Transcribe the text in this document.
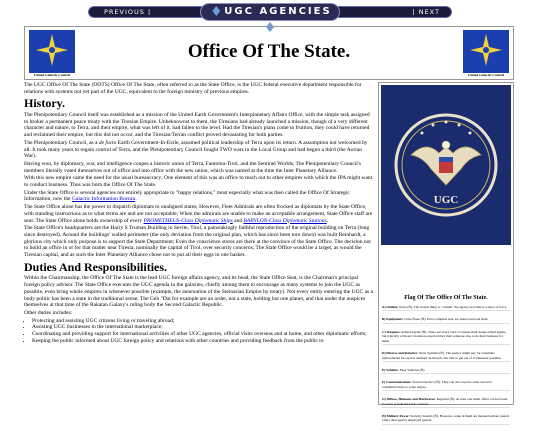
PREVIOUS |	UGC AGENCIES	| NEXT
United Galactic Council
Office Of The State.
United Galactic Council

The UGC Office Of The State (OOTS) Office Of The State, often referred to as the State Office, is the UGC federal executive department responsible for relations with systems not yet part of the UGC, equivalent to the foreign ministry of previous empires.

History.

The Plenipotentiary Council itself was established as a mission of the United Earth Government's Interplanetary Affairs Office, with the simple task assigned to broker a permanent peace treaty with the Tiresian Empire. Unbeknownst to them, the Tiresians had already launched a mission, though of a very different character and nature, to Terra, and their empire, what was left of it, had fallen to the level. Had the Tiresian's plans come to fruition, they could have returned and reclaimed their empire, but this did not occur, and the Tiresian/Terran conflict proved devastating for both parties.

The Plenipotentiary Council, as a de facto Earth Government-In-Exile, assumed political leadership of Terra upon its return. A assumption not welcomed by all. It took many years to regain control of Terra, and the Plenipotentiary Council fought TWO wars in the Local Group and had begun a third (the Aorian War).

Having won, by diplomacy, war, and intelligence coupes a historic union of Terra, Fantoma-Tirol, and the Sentinel Worlds, The Plenipotentiary Council's members literally voted themselves out of office and into office with the new union, which was named at the time the Inter Planetary Alliance.

With this new empire came the need for the usual bureaucracy; One element of this was an office to reach out to other empires with which the IPA might want to conduct business. Thus was born the Office Of The State.

Under the State Office is several agencies not entirely appropriate to "happy relations," most especially what was then called the Office Of Strategic Information, now the Galactic Information Bureau.

The State Office alone has the power to dispatch diplomats to unaligned states; However, Fleet Admirals are often frocked as diplomats by the State Office, with standing instructions as to what terms are and are not acceptable; When the admirals are unable to make an acceptable arrangement, State Office staff are sent. The State Office alone holds ownership of every PROMETHEUS-Class Diplomatic Ships and BABYLON-Class Diplomatic Stations.

The State Office's headquarters are the Harry S Truman Building in Sevite, Tirol, a painstakingly faithful reproduction of the original building on Terra (long since destroyed). Around the buildings' walled perimeter (the only deviation from the original plan, which has since been torn down) was built Reinhardt, a glorious city which only purpose is to support the State Department; Even the conscience stores are there at the convince of the State Office. The decision not to build an office in or for that matter near Tiresia, nominally the capital of Tirol, over security concerns; The State Office would be a target, as would the Tiresian capital, and as such the Inter Planetary Alliance chose not to put all their eggs in one basket.

Duties And Responsibilities.

Within the Chairmanship, the Office Of The State is the lead UGC foreign affairs agency, and its head, the State Office Seat, is the Chairman's principal foreign policy advisor. The State Office executes the UGC agenda in the galaxies, chiefly among them to encourage as many systems to join the UGC as possible, even bring whole empires in whenever possible (example, the annexation of the Steinarian Empire by treaty). Not every entity entering the UGC as a body politic has been a state in the traditional sense; The Geh "Dai for example are an order, not a state, holding but one planet, and that under the auspices themselves at that time of the Rakatan Galaxy's ruling body the Second Galactic Republic.

Other duties includes:

• Protecting and assisting UGC citizens living or traveling abroad;
• Assisting UGC businesses in the international marketplace;
• Coordinating and providing support for international activities of other UGC agencies, official visits overseas and at home, and other diplomatic efforts;
• Keeping the public informed about UGC foreign policy and relations with other countries and providing feedback from the public to
UGC
Flag Of The Office Of The State.
A) Outline: None (Ñ). The closest thing to "outline" the agency provides is a show of force.
B) Equipment: Class Ñone (Ñ). Prior complete sets, are based on broad field.
C) Weapons: Armed Agents (Ñ). There are every once occasions their duties armed agents, but typically of those's violation expected they mail someone else to do their business for them.
D) Diverse and Robotics: None Systems (Ñ). The agency might pay for automatic replacements for reports outlined on-the-job, but tries to get out of it whenever possible.
E) Vehicles: Fleet Vehicles (Ñ).
F) Communications: Secured Service (Ñ). They can also tap into other service's communications to some degree.
G) Offices, Hideouts and Hardwares: Regional (Ñ). At least one small office can be found in every system the UGC controls.
H) Military Power: Security Guards (Ñ). However, some of them are manned armour guards rather than agency employed guards.
